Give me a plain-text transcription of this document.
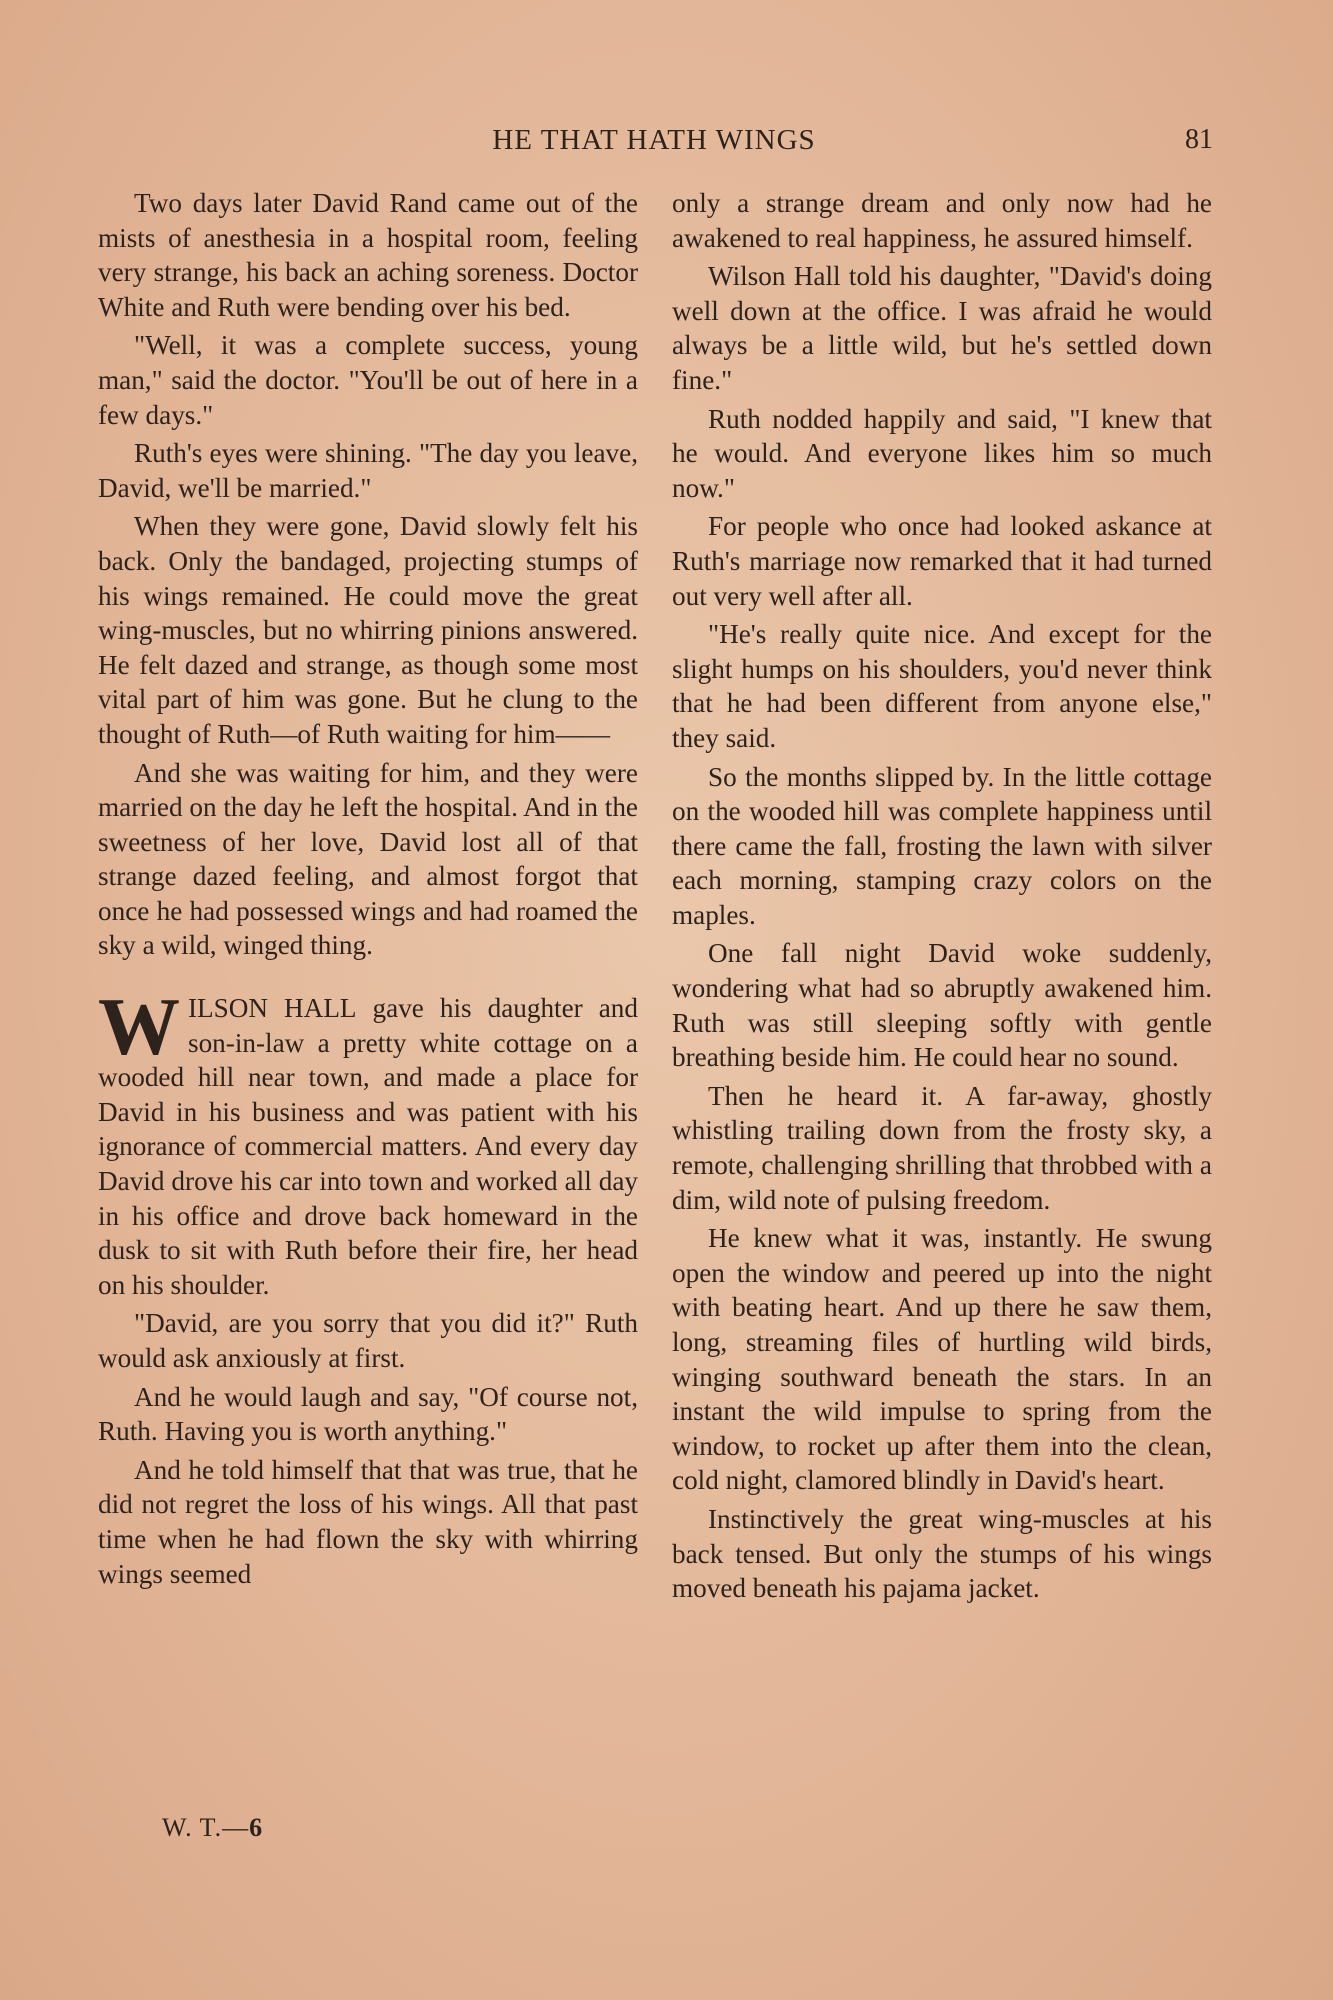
HE THAT HATH WINGS	81

Two days later David Rand came out of the mists of anesthesia in a hospital room, feeling very strange, his back an aching soreness. Doctor White and Ruth were bending over his bed.

"Well, it was a complete success, young man," said the doctor. "You'll be out of here in a few days."

Ruth's eyes were shining. "The day you leave, David, we'll be married."

When they were gone, David slowly felt his back. Only the bandaged, projecting stumps of his wings remained. He could move the great wing-muscles, but no whirring pinions answered. He felt dazed and strange, as though some most vital part of him was gone. But he clung to the thought of Ruth—of Ruth waiting for him——

And she was waiting for him, and they were married on the day he left the hospital. And in the sweetness of her love, David lost all of that strange dazed feeling, and almost forgot that once he had possessed wings and had roamed the sky a wild, winged thing.

WILSON HALL gave his daughter and son-in-law a pretty white cottage on a wooded hill near town, and made a place for David in his business and was patient with his ignorance of commercial matters. And every day David drove his car into town and worked all day in his office and drove back homeward in the dusk to sit with Ruth before their fire, her head on his shoulder.

"David, are you sorry that you did it?" Ruth would ask anxiously at first.

And he would laugh and say, "Of course not, Ruth. Having you is worth anything."

And he told himself that that was true, that he did not regret the loss of his wings. All that past time when he had flown the sky with whirring wings seemed

only a strange dream and only now had he awakened to real happiness, he assured himself.

Wilson Hall told his daughter, "David's doing well down at the office. I was afraid he would always be a little wild, but he's settled down fine."

Ruth nodded happily and said, "I knew that he would. And everyone likes him so much now."

For people who once had looked askance at Ruth's marriage now remarked that it had turned out very well after all.

"He's really quite nice. And except for the slight humps on his shoulders, you'd never think that he had been different from anyone else," they said.

So the months slipped by. In the little cottage on the wooded hill was complete happiness until there came the fall, frosting the lawn with silver each morning, stamping crazy colors on the maples.

One fall night David woke suddenly, wondering what had so abruptly awakened him. Ruth was still sleeping softly with gentle breathing beside him. He could hear no sound.

Then he heard it. A far-away, ghostly whistling trailing down from the frosty sky, a remote, challenging shrilling that throbbed with a dim, wild note of pulsing freedom.

He knew what it was, instantly. He swung open the window and peered up into the night with beating heart. And up there he saw them, long, streaming files of hurtling wild birds, winging southward beneath the stars. In an instant the wild impulse to spring from the window, to rocket up after them into the clean, cold night, clamored blindly in David's heart.

Instinctively the great wing-muscles at his back tensed. But only the stumps of his wings moved beneath his pajama jacket.

W. T.—6
